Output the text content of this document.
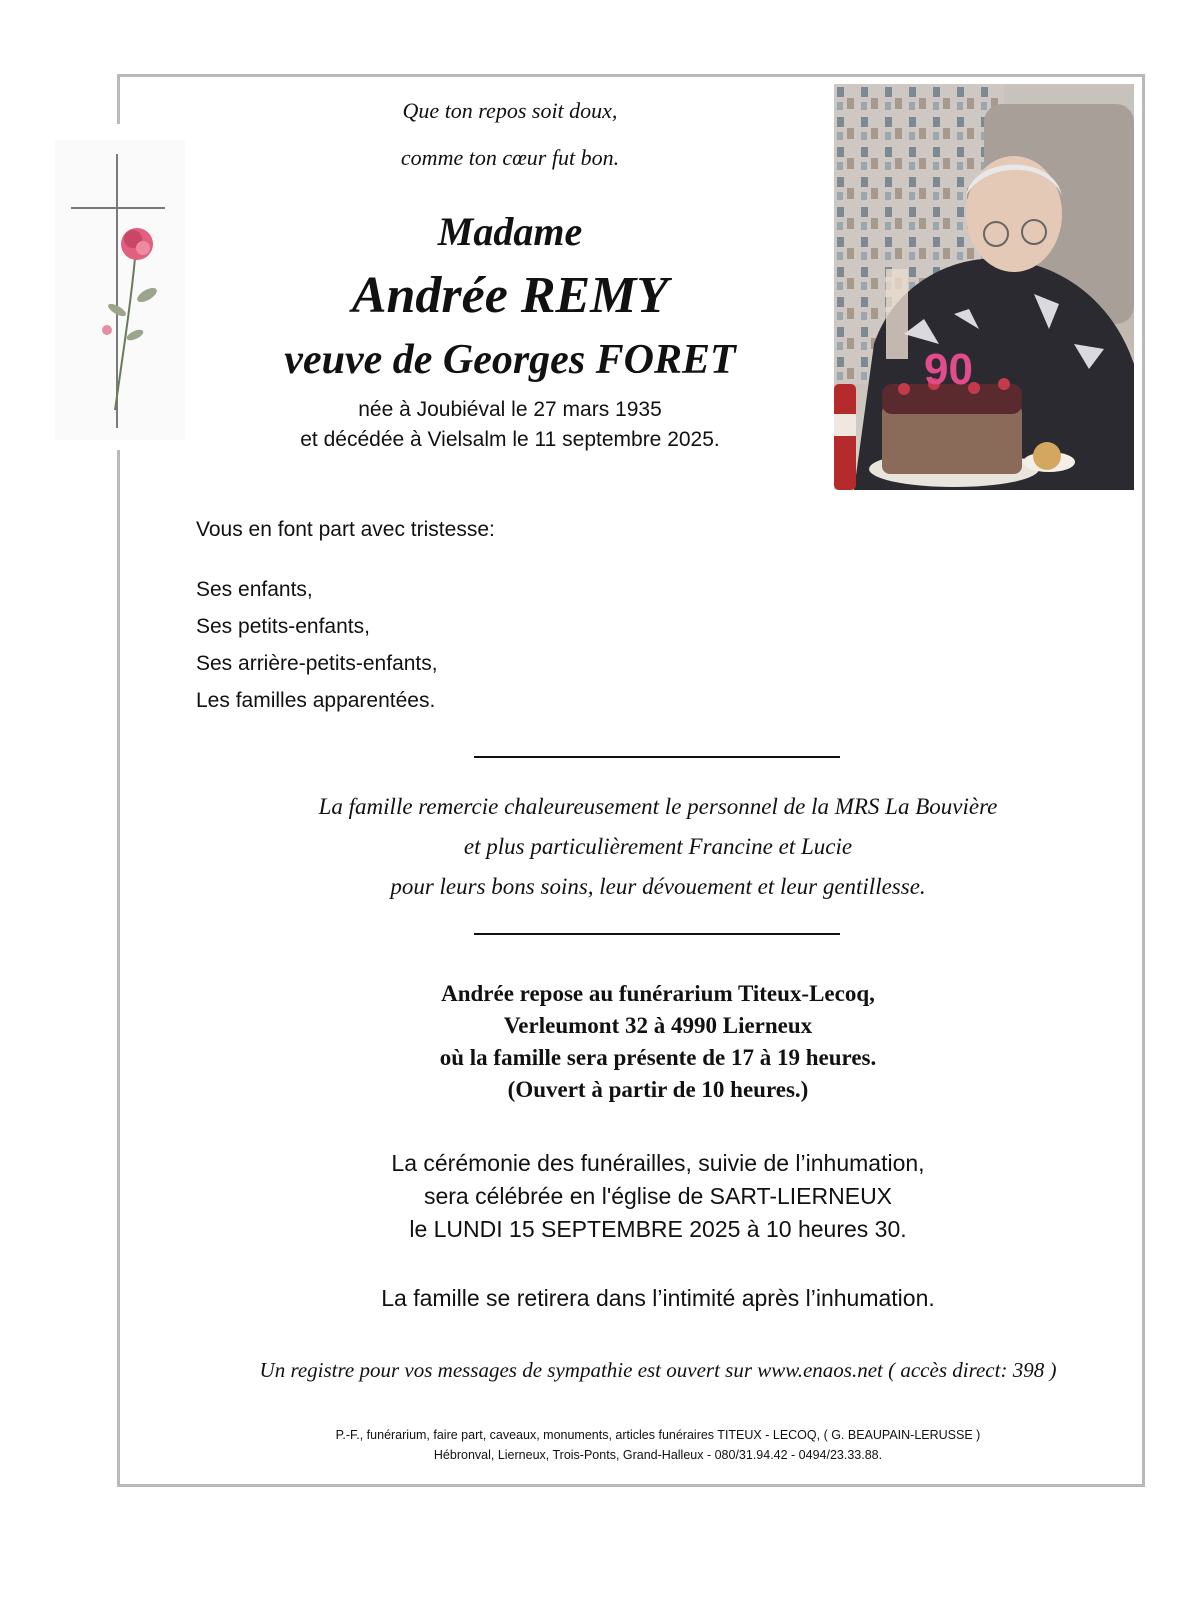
Que ton repos soit doux,

comme ton cœur fut bon.

Madame

Andrée REMY

veuve de Georges FORET

née à Joubiéval le 27 mars 1935

et décédée à Vielsalm le 11 septembre 2025.

90

Vous en font part avec tristesse:

Ses enfants,

Ses petits-enfants,

Ses arrière-petits-enfants,

Les familles apparentées.

La famille remercie chaleureusement le personnel de la MRS La Bouvière

et plus particulièrement Francine et Lucie

pour leurs bons soins, leur dévouement et leur gentillesse.

Andrée repose au funérarium Titeux-Lecoq,

Verleumont 32 à 4990 Lierneux

où la famille sera présente de 17 à 19 heures.

(Ouvert à partir de 10 heures.)

La cérémonie des funérailles, suivie de l’inhumation,

sera célébrée en l'église de SART-LIERNEUX

le LUNDI 15 SEPTEMBRE 2025 à 10 heures 30.

La famille se retirera dans l’intimité après l’inhumation.

Un registre pour vos messages de sympathie est ouvert sur www.enaos.net ( accès direct: 398 )

P.-F., funérarium, faire part, caveaux, monuments, articles funéraires TITEUX - LECOQ, ( G. BEAUPAIN-LERUSSE )

Hébronval, Lierneux, Trois-Ponts, Grand-Halleux - 080/31.94.42 - 0494/23.33.88.
